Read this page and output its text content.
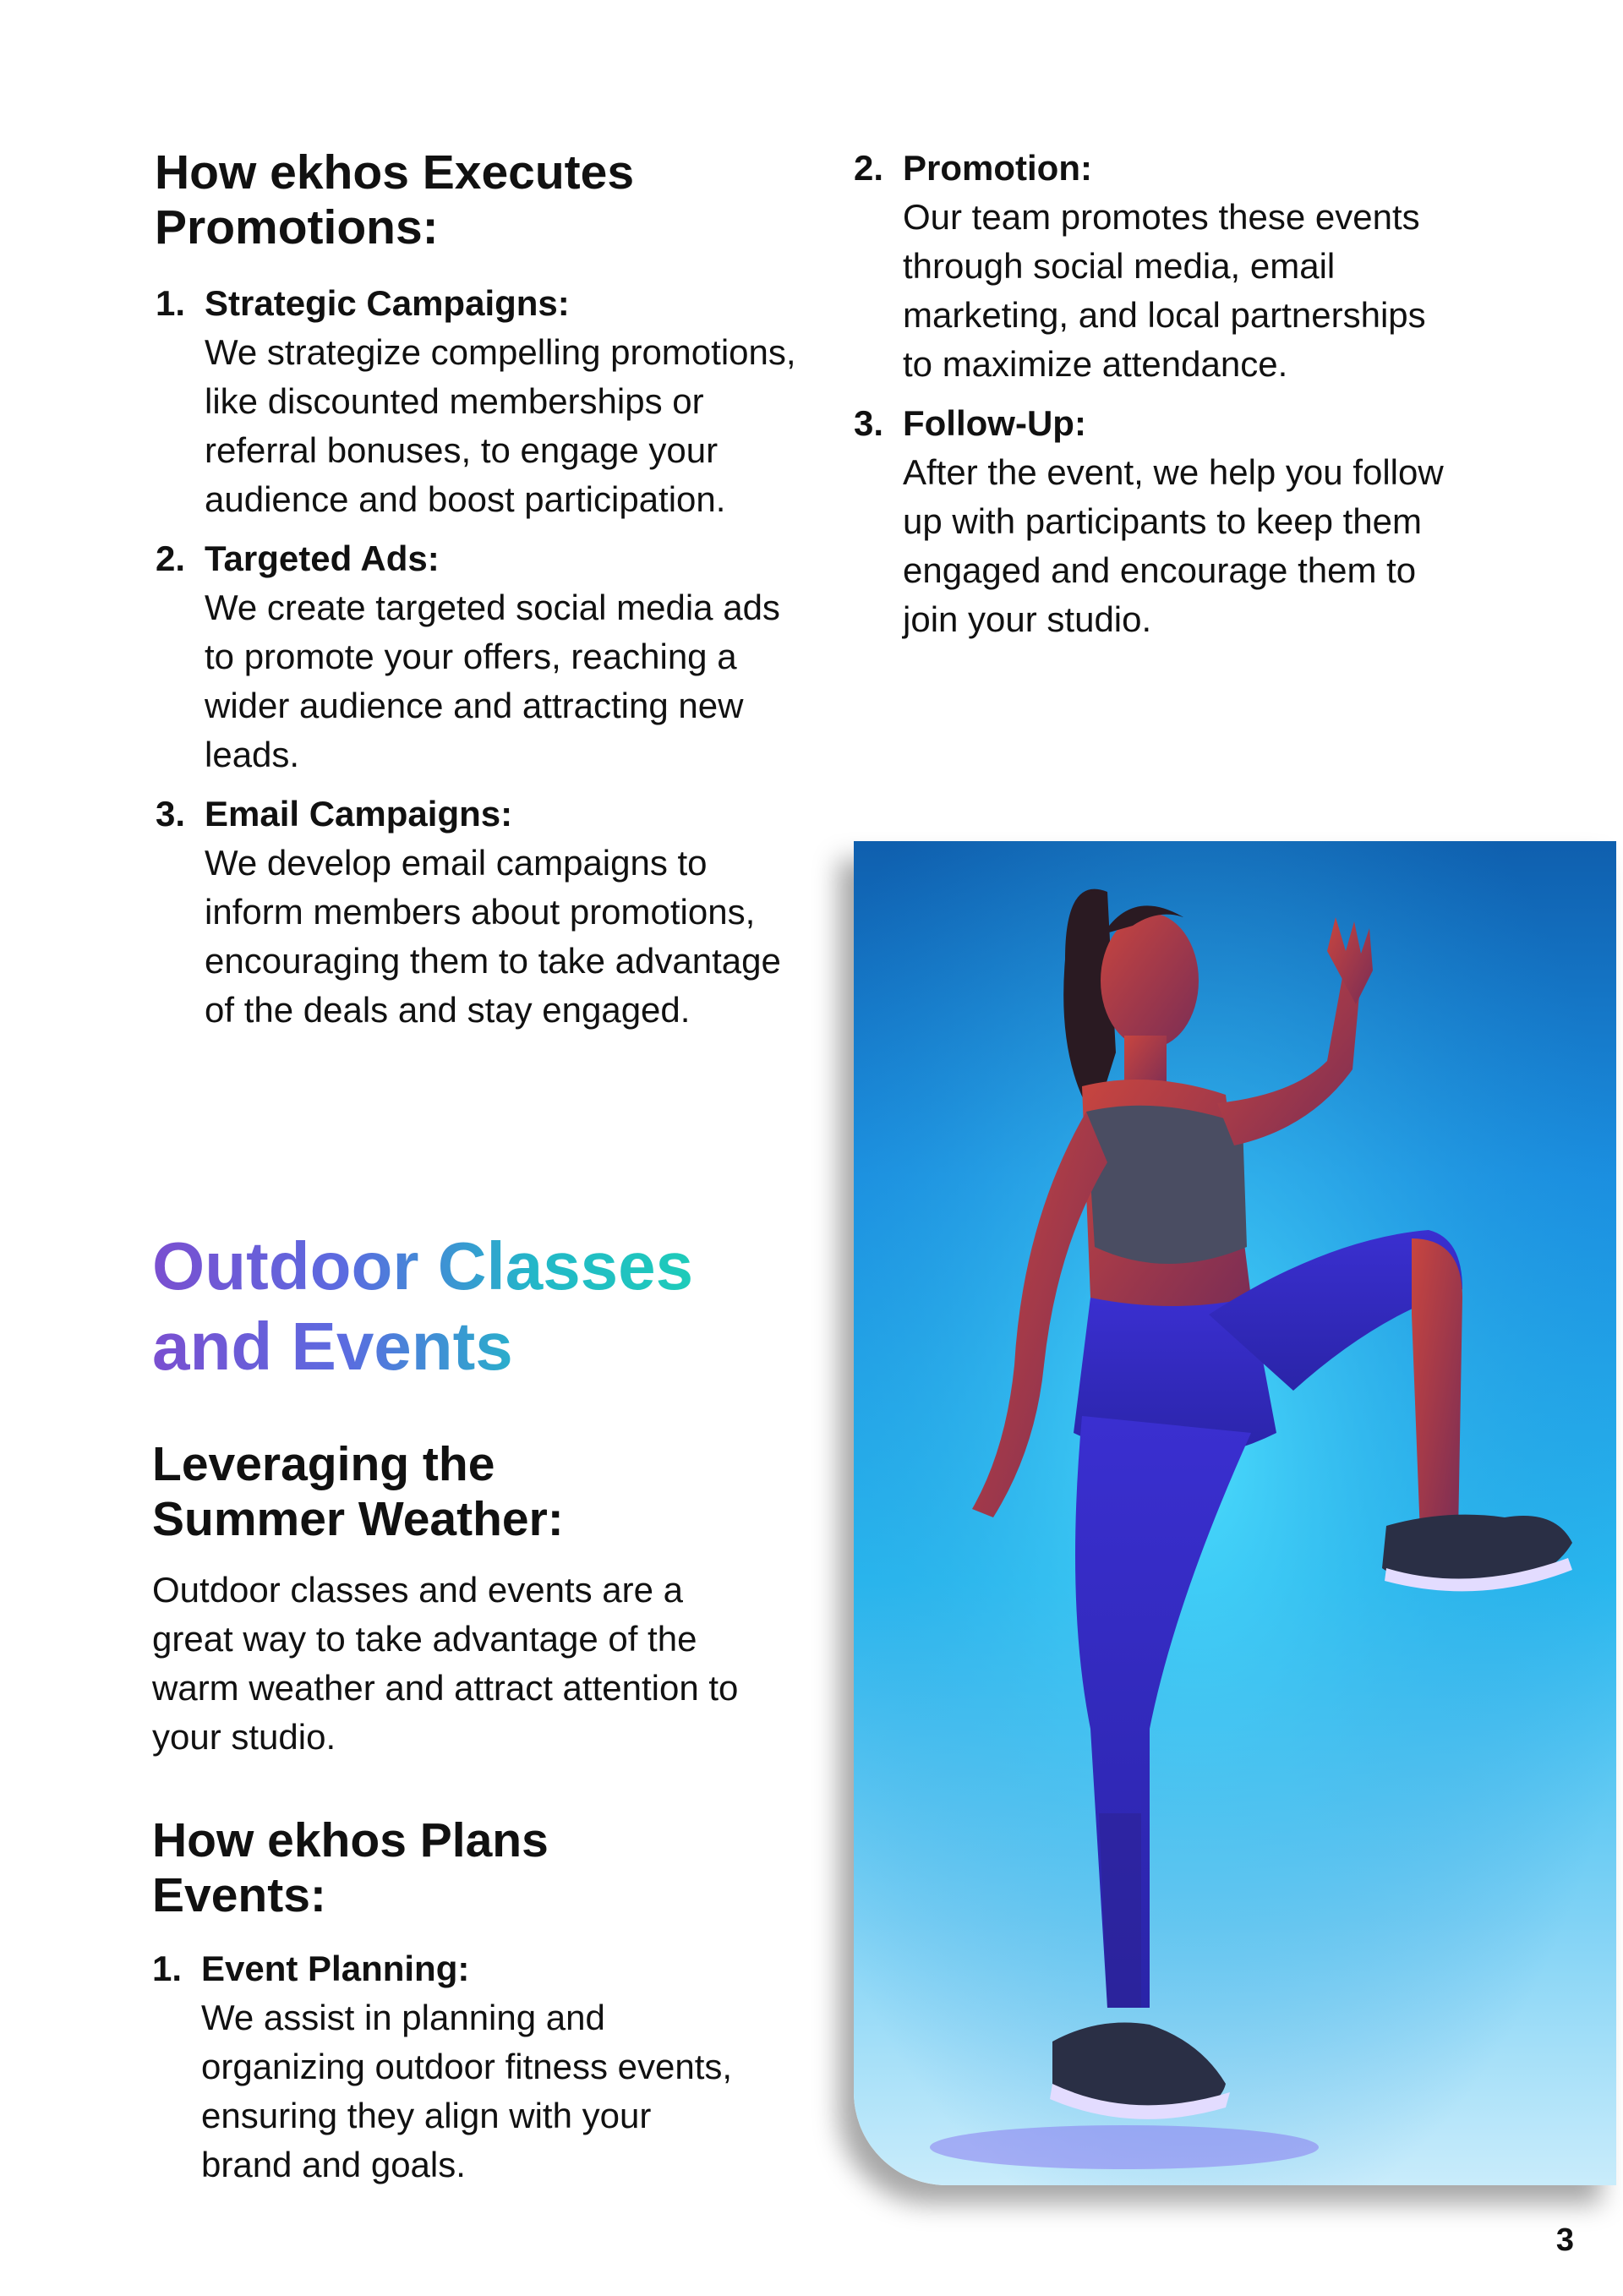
How ekhos Executes Promotions:
1. Strategic Campaigns:
We strategize compelling promotions, like discounted memberships or referral bonuses, to engage your audience and boost participation.
2. Targeted Ads:
We create targeted social media ads to promote your offers, reaching a wider audience and attracting new leads.
3. Email Campaigns:
We develop email campaigns to inform members about promotions, encouraging them to take advantage of the deals and stay engaged.
Outdoor Classes and Events
Leveraging the Summer Weather:
Outdoor classes and events are a great way to take advantage of the warm weather and attract attention to your studio.
How ekhos Plans Events:
1. Event Planning:
We assist in planning and organizing outdoor fitness events, ensuring they align with your brand and goals.
2. Promotion:
Our team promotes these events through social media, email marketing, and local partnerships to maximize attendance.
3. Follow-Up:
After the event, we help you follow up with participants to keep them engaged and encourage them to join your studio.
3
